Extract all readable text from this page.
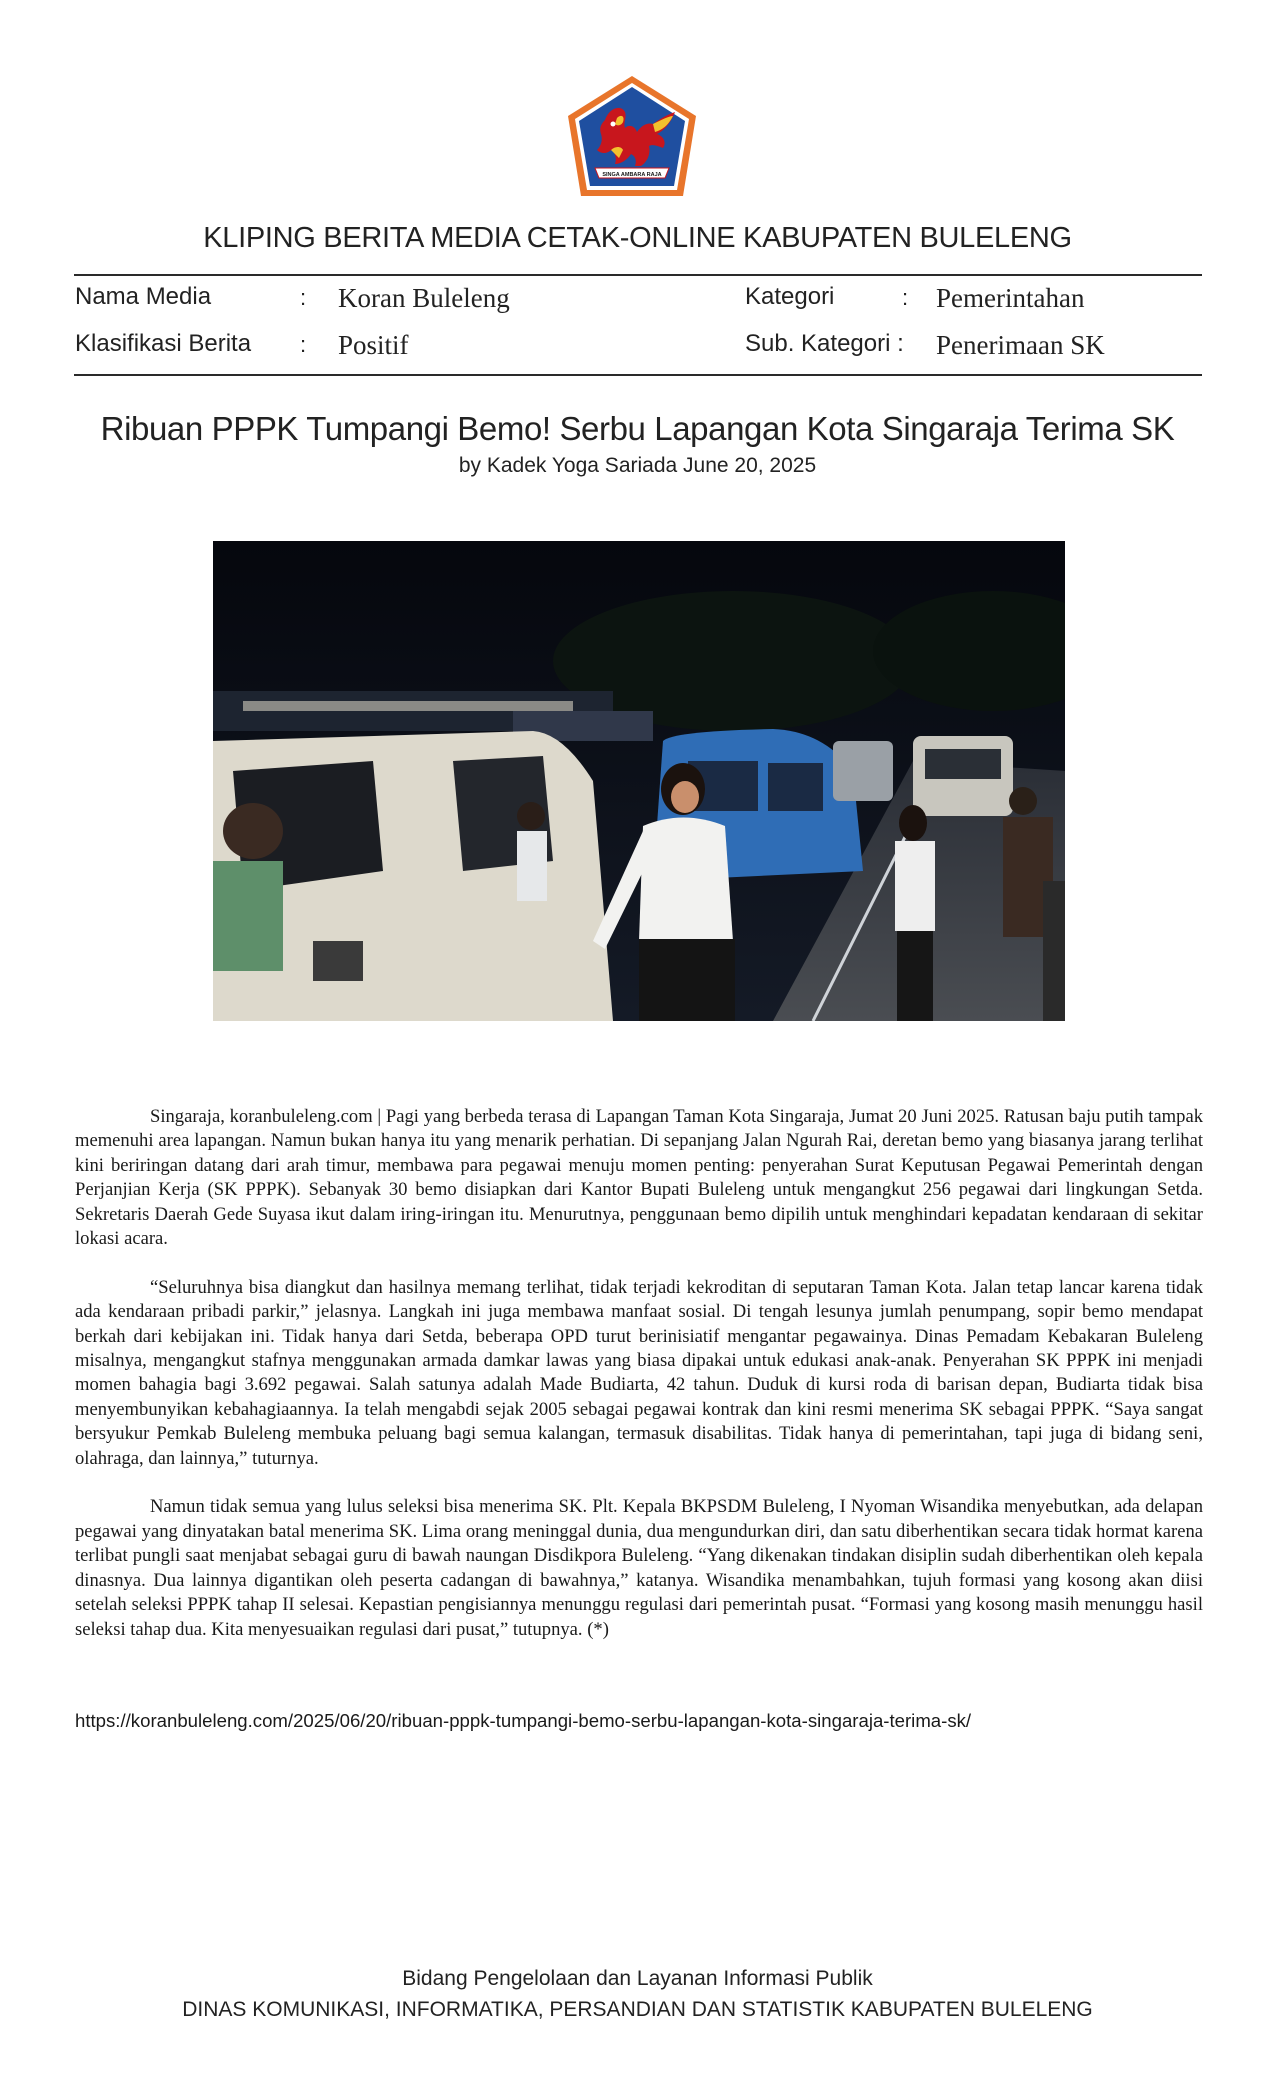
SINGA AMBARA RAJA
KLIPING BERITA MEDIA CETAK-ONLINE KABUPATEN BULELENG
Nama Media	: Koran Buleleng	Kategori	: Pemerintahan
Klasifikasi Berita : Positif	Sub. Kategori : Penerimaan SK
Ribuan PPPK Tumpangi Bemo! Serbu Lapangan Kota Singaraja Terima SK
by Kadek Yoga Sariada June 20, 2025

Singaraja, koranbuleleng.com | Pagi yang berbeda terasa di Lapangan Taman Kota Singaraja, Jumat 20 Juni 2025. Ratusan baju putih tampak memenuhi area lapangan. Namun bukan hanya itu yang menarik perhatian. Di sepanjang Jalan Ngurah Rai, deretan bemo yang biasanya jarang terlihat kini beriringan datang dari arah timur, membawa para pegawai menuju momen penting: penyerahan Surat Keputusan Pegawai Pemerintah dengan Perjanjian Kerja (SK PPPK). Sebanyak 30 bemo disiapkan dari Kantor Bupati Buleleng untuk mengangkut 256 pegawai dari lingkungan Setda. Sekretaris Daerah Gede Suyasa ikut dalam iring-iringan itu. Menurutnya, penggunaan bemo dipilih untuk menghindari kepadatan kendaraan di sekitar lokasi acara.

“Seluruhnya bisa diangkut dan hasilnya memang terlihat, tidak terjadi kekroditan di seputaran Taman Kota. Jalan tetap lancar karena tidak ada kendaraan pribadi parkir,” jelasnya. Langkah ini juga membawa manfaat sosial. Di tengah lesunya jumlah penumpang, sopir bemo mendapat berkah dari kebijakan ini. Tidak hanya dari Setda, beberapa OPD turut berinisiatif mengantar pegawainya. Dinas Pemadam Kebakaran Buleleng misalnya, mengangkut stafnya menggunakan armada damkar lawas yang biasa dipakai untuk edukasi anak-anak. Penyerahan SK PPPK ini menjadi momen bahagia bagi 3.692 pegawai. Salah satunya adalah Made Budiarta, 42 tahun. Duduk di kursi roda di barisan depan, Budiarta tidak bisa menyembunyikan kebahagiaannya. Ia telah mengabdi sejak 2005 sebagai pegawai kontrak dan kini resmi menerima SK sebagai PPPK. “Saya sangat bersyukur Pemkab Buleleng membuka peluang bagi semua kalangan, termasuk disabilitas. Tidak hanya di pemerintahan, tapi juga di bidang seni, olahraga, dan lainnya,” tuturnya.

Namun tidak semua yang lulus seleksi bisa menerima SK. Plt. Kepala BKPSDM Buleleng, I Nyoman Wisandika menyebutkan, ada delapan pegawai yang dinyatakan batal menerima SK. Lima orang meninggal dunia, dua mengundurkan diri, dan satu diberhentikan secara tidak hormat karena terlibat pungli saat menjabat sebagai guru di bawah naungan Disdikpora Buleleng. “Yang dikenakan tindakan disiplin sudah diberhentikan oleh kepala dinasnya. Dua lainnya digantikan oleh peserta cadangan di bawahnya,” katanya. Wisandika menambahkan, tujuh formasi yang kosong akan diisi setelah seleksi PPPK tahap II selesai. Kepastian pengisiannya menunggu regulasi dari pemerintah pusat. “Formasi yang kosong masih menunggu hasil seleksi tahap dua. Kita menyesuaikan regulasi dari pusat,” tutupnya. (*)

https://koranbuleleng.com/2025/06/20/ribuan-pppk-tumpangi-bemo-serbu-lapangan-kota-singaraja-terima-sk/
Bidang Pengelolaan dan Layanan Informasi Publik
DINAS KOMUNIKASI, INFORMATIKA, PERSANDIAN DAN STATISTIK KABUPATEN BULELENG
